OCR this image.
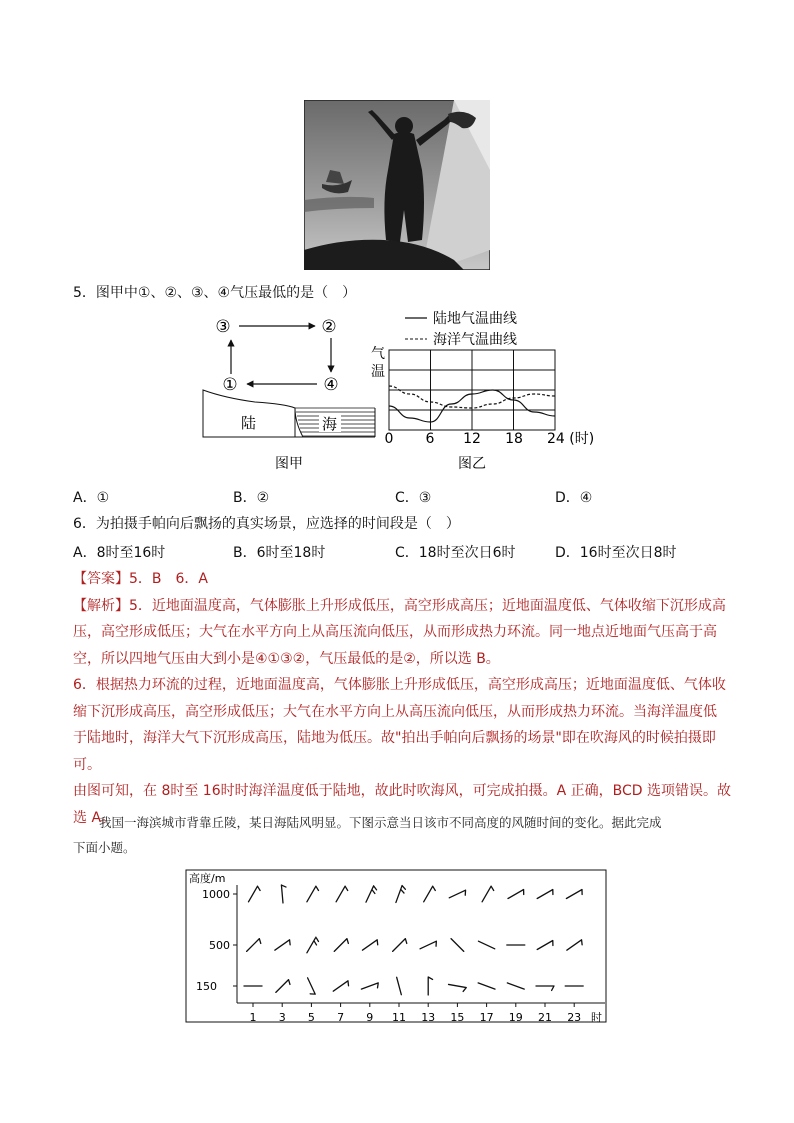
5．图甲中①、②、③、④气压最低的是（　）
③	②
①	④
陆	海
图甲
陆地气温曲线
海洋气温曲线
气
温
0 6 12 18 24 (时)
图乙
A．①	B．②	C．③	D．④
6．为拍摄手帕向后飘扬的真实场景，应选择的时间段是（　）
A．8时至16时	B．6时至18时	C．18时至次日6时	D．16时至次日8时

【答案】5．B　6．A

【解析】5．近地面温度高，气体膨胀上升形成低压，高空形成高压；近地面温度低、气体收缩下沉形成高

压，高空形成低压；大气在水平方向上从高压流向低压，从而形成热力环流。同一地点近地面气压高于高

空，所以四地气压由大到小是④①③②，气压最低的是②，所以选 B。

6．根据热力环流的过程，近地面温度高，气体膨胀上升形成低压，高空形成高压；近地面温度低、气体收

缩下沉形成高压，高空形成低压；大气在水平方向上从高压流向低压，从而形成热力环流。当海洋温度低

于陆地时，海洋大气下沉形成高压，陆地为低压。故"拍出手帕向后飘扬的场景"即在吹海风的时候拍摄即可。

由图可知，在 8时至 16时时海洋温度低于陆地，故此时吹海风，可完成拍摄。A 正确，BCD 选项错误。故

选 A。

我国一海滨城市背靠丘陵，某日海陆风明显。下图示意当日该市不同高度的风随时间的变化。据此完成
下面小题。
高度/m
1000
500
150
1 3 5 7 9 11 13 15 17 19 21 23 时
